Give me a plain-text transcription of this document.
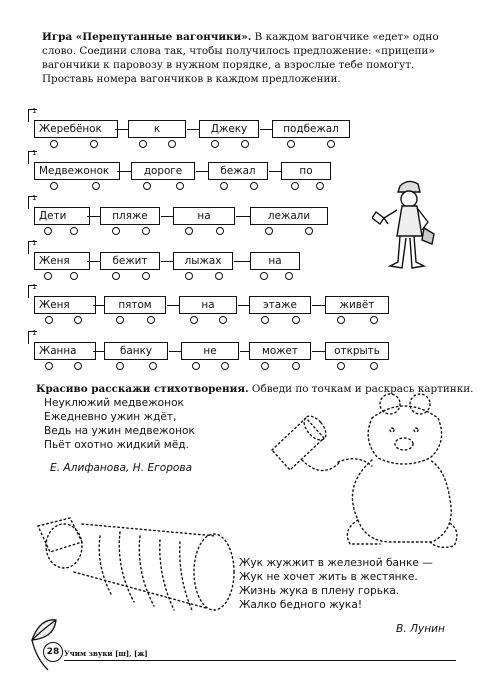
Игра «Перепутанные вагончики». В каждом вагончике «едет» одно слово. Соедини слова так, чтобы получилось предложение: «прицепи» вагончики к паровозу в нужном порядке, а взрослые тебе помогут. Проставь номера вагончиков в каждом предложении.
Жеребёнок
1
к	Джеку	подбежал
Медвежонок
1
дороге	бежал	по
Дети
1
пляже	на	лежали
Женя
1
бежит	лыжах	на
Женя
1
пятом	на	этаже	живёт
Жанна
1
банку	не	может	открыть
Красиво расскажи стихотворения. Обведи по точкам и раскрась картинки.
Неуклюжий медвежонок
Ежедневно ужин ждёт,
Ведь на ужин медвежонок
Пьёт охотно жидкий мёд.
Е. Алифанова, Н. Егорова
Жук жужжит в железной банке —
Жук не хочет жить в жестянке.
Жизнь жука в плену горька.
Жалко бедного жука!
В. Лунин
28 Учим звуки [ш], [ж]
